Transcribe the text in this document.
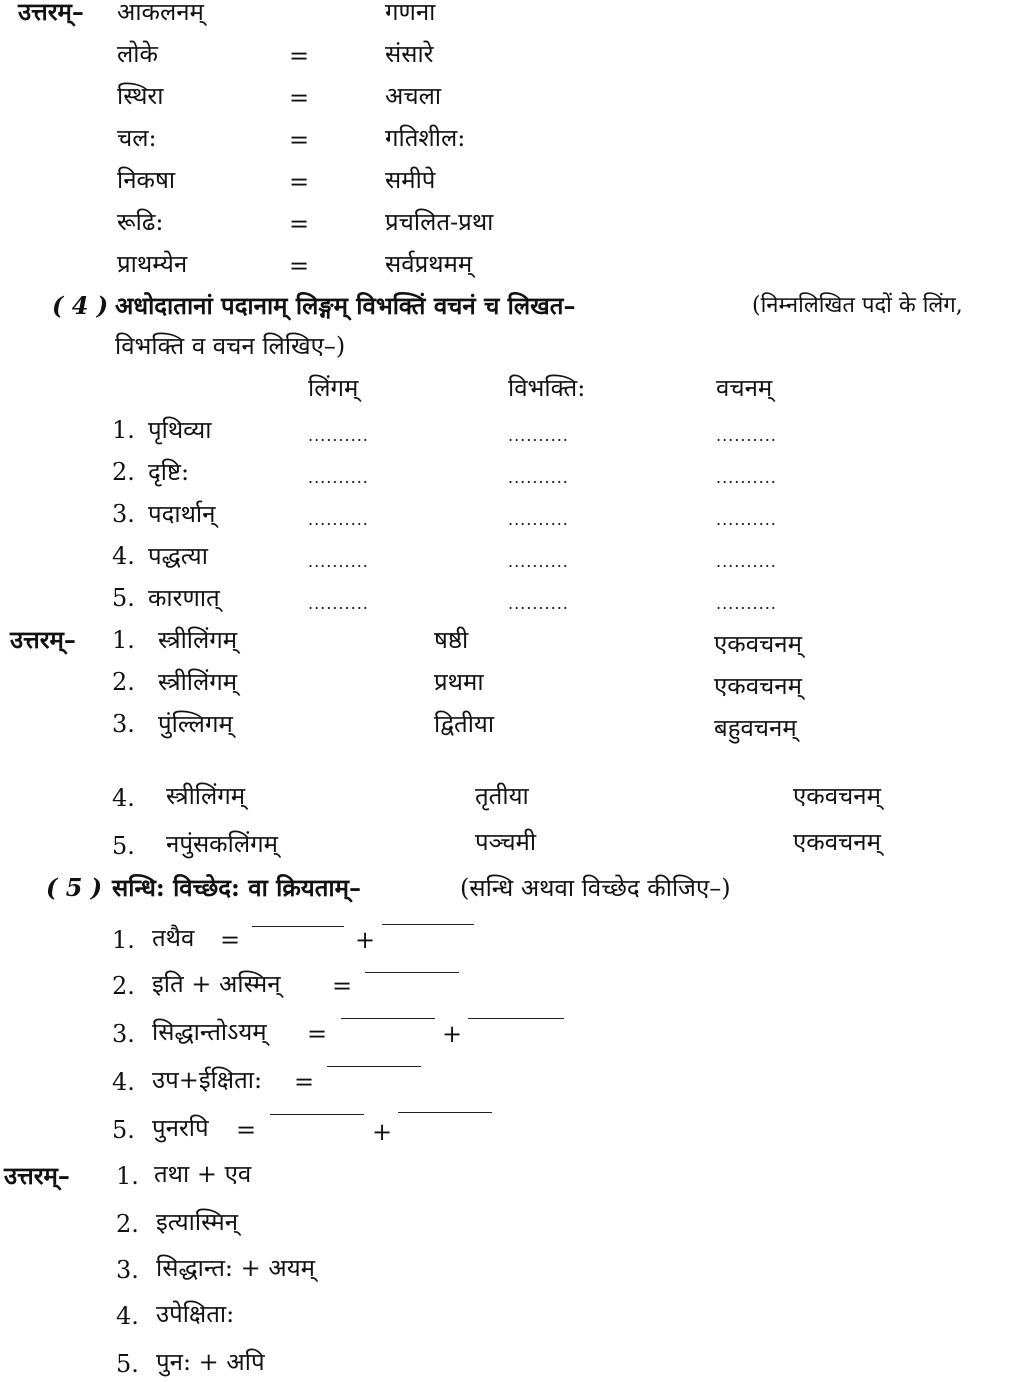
उत्तरम्– आकलनम्	गणना
लोके	=	संसारे
स्थिरा	=	अचला
चल:	=	गतिशील:
निकषा	=	समीपे
रूढि:	=	प्रचलित-प्रथा
प्राथम्येन	=	सर्वप्रथमम्
( 4 ) अधोदातानां पदानाम् लिङ्गम् विभक्तिं वचनं च लिखत–	(निम्नलिखित पदों के लिंग,
विभक्ति व वचन लिखिए–)
लिंगम्	विभक्ति:	वचनम्
1. पृथिव्या	..........	..........	..........
2. दृष्टि:	..........	..........	..........
3. पदार्थान्	..........	..........	..........
4. पद्धत्या	..........	..........	..........
5. कारणात्	..........	..........	..........
उत्तरम्– 1. स्त्रीलिंगम्	षष्ठी	एकवचनम्
2. स्त्रीलिंगम्	प्रथमा	एकवचनम्
3. पुंल्लिगम्	द्वितीया	बहुवचनम्
4. स्त्रीलिंगम्	तृतीया	एकवचनम्
5. नपुंसकलिंगम्	पञ्चमी	एकवचनम्
( 5 ) सन्धि: विच्छेद: वा क्रियताम्–	(सन्धि अथवा विच्छेद कीजिए–)
1. तथैव =	+
2. इति + अस्मिन् =
3. सिद्धान्तोऽयम् =	+
4. उप+ईक्षिता: =
5. पुनरपि =	+
उत्तरम्– 1. तथा + एव
2. इत्यास्मिन्
3. सिद्धान्त: + अयम्
4. उपेक्षिता:
5. पुन: + अपि
